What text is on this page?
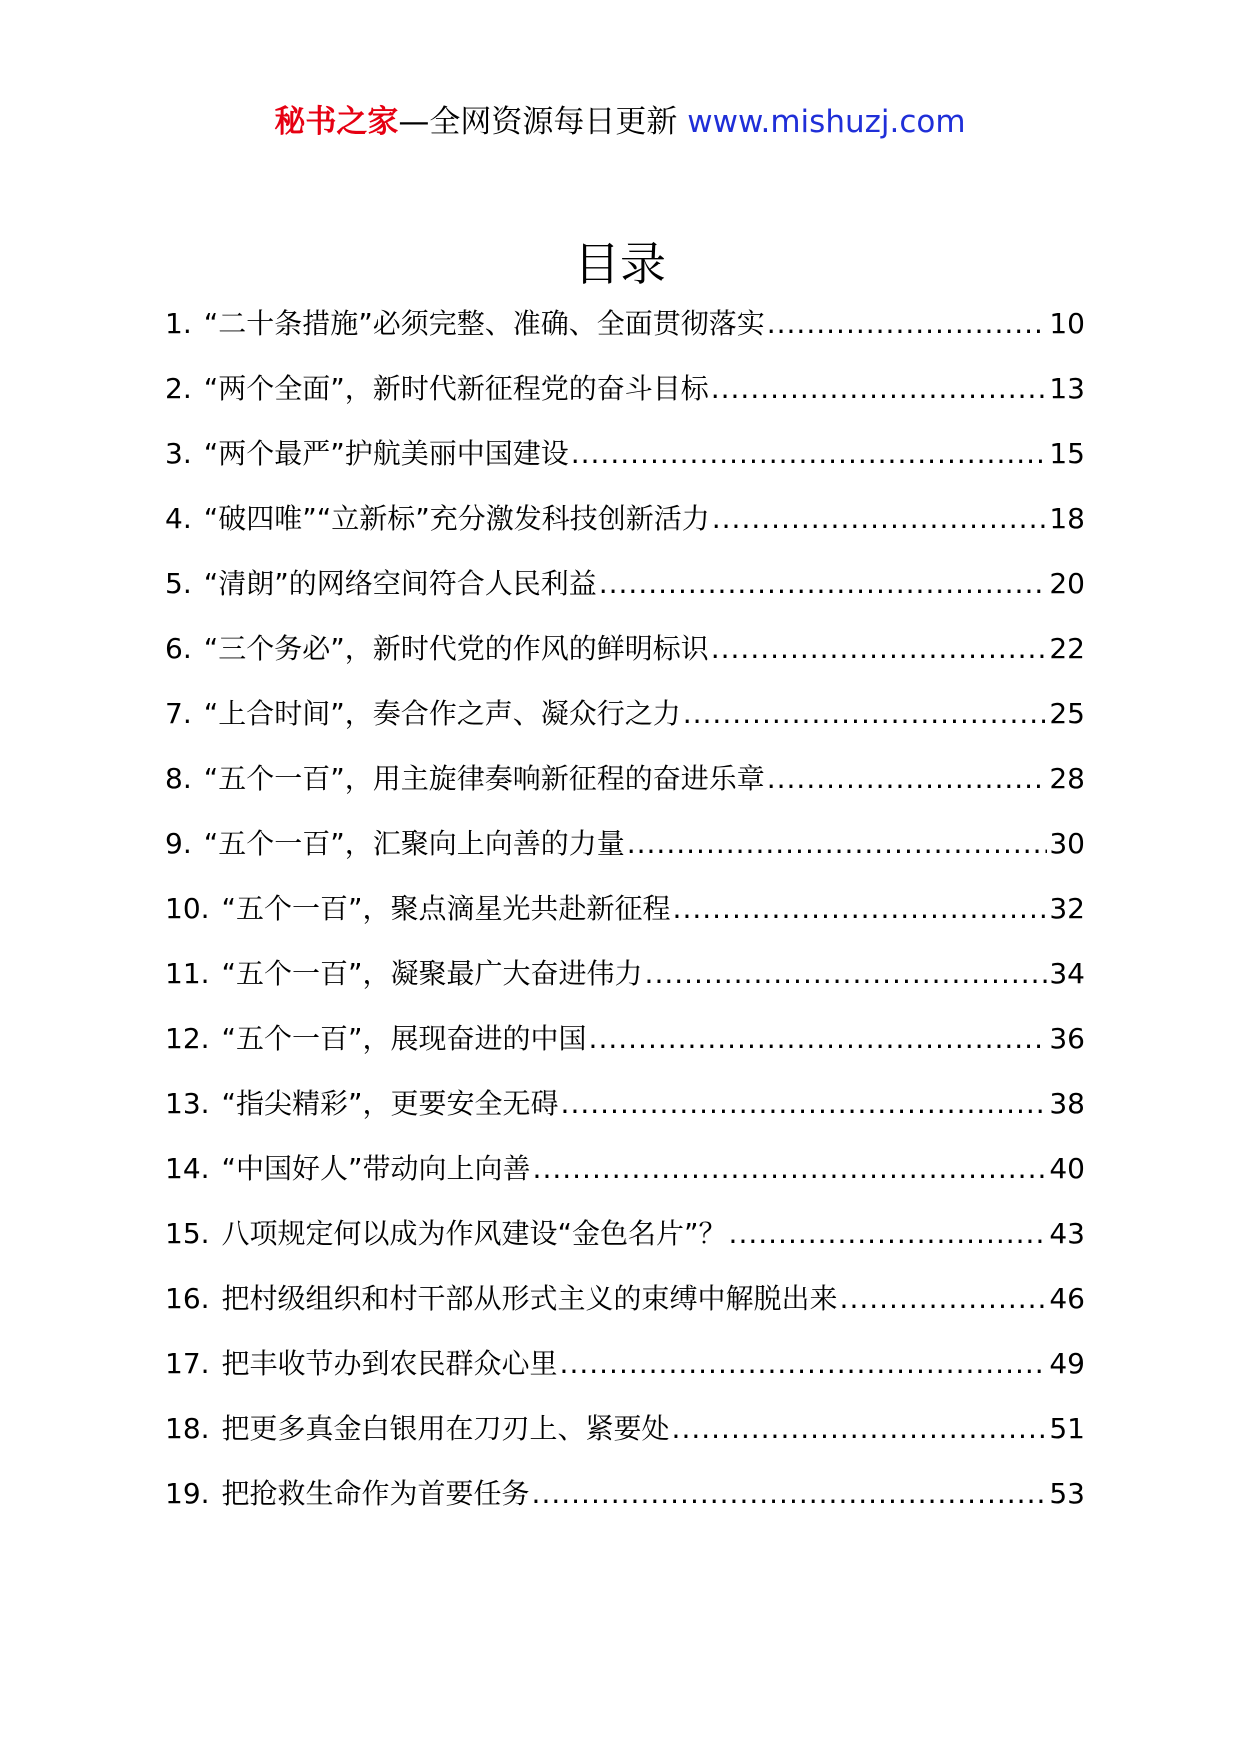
秘书之家—全网资源每日更新 www.mishuzj.com
目录
1. “二十条措施”必须完整、准确、全面贯彻落实 .....	10
2. “两个全面”，新时代新征程党的奋斗目标 .....	13
3. “两个最严”护航美丽中国建设 .....	15
4. “破四唯”“立新标”充分激发科技创新活力 .....	18
5. “清朗”的网络空间符合人民利益 .....	20
6. “三个务必”，新时代党的作风的鲜明标识 .....	22
7. “上合时间”，奏合作之声、凝众行之力 .....	25
8. “五个一百”，用主旋律奏响新征程的奋进乐章 .....	28
9. “五个一百”，汇聚向上向善的力量 .....	30
10. “五个一百”，聚点滴星光共赴新征程 .....	32
11. “五个一百”，凝聚最广大奋进伟力 .....	34
12. “五个一百”，展现奋进的中国 .....	36
13. “指尖精彩”，更要安全无碍 .....	38
14. “中国好人”带动向上向善 .....	40
15. 八项规定何以成为作风建设“金色名片”？ .....	43
16. 把村级组织和村干部从形式主义的束缚中解脱出来 .....	46
17. 把丰收节办到农民群众心里 .....	49
18. 把更多真金白银用在刀刃上、紧要处 .....	51
19. 把抢救生命作为首要任务 .....	53
